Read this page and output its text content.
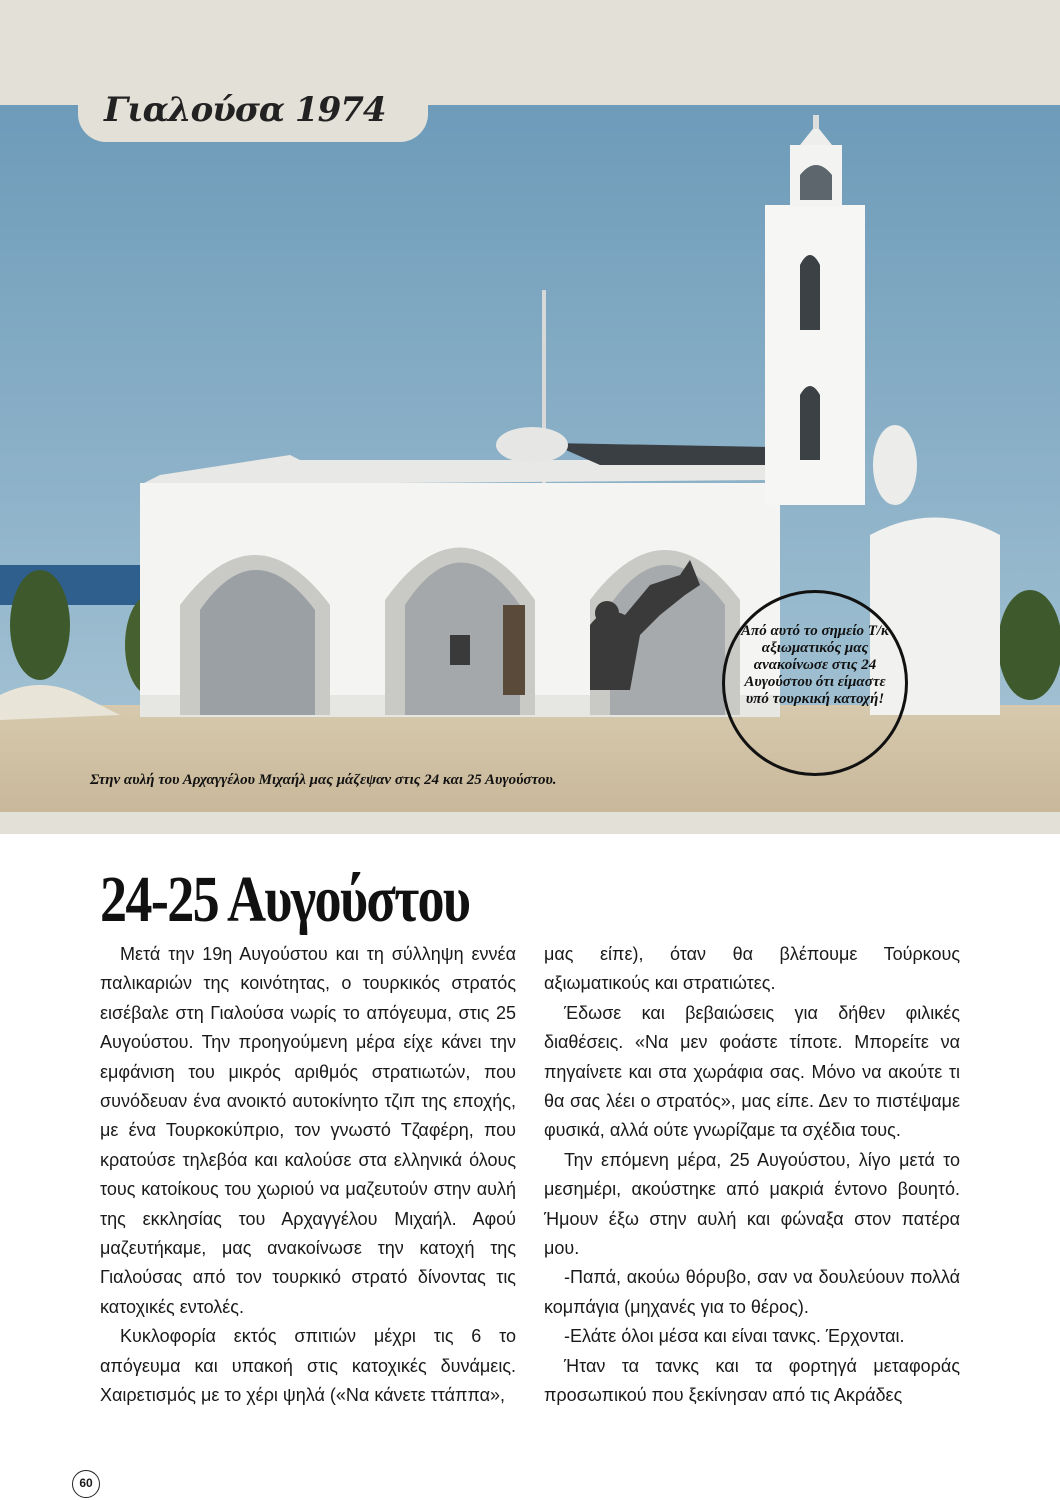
Γιαλούσα 1974
Στην αυλή του Αρχαγγέλου Μιχαήλ μας μάζεψαν στις 24 και 25 Αυγούστου.
Από αυτό το σημείο Τ/κ αξιωματικός μας ανακοίνωσε στις 24 Αυγούστου ότι είμαστε υπό τουρκική κατοχή!
24-25 Αυγούστου

Μετά την 19η Αυγούστου και τη σύλληψη εννέα παλικαριών της κοινότητας, ο τουρκικός στρατός εισέβαλε στη Γιαλούσα νωρίς το απόγευμα, στις 25 Αυγούστου. Την προηγούμενη μέρα είχε κάνει την εμφάνιση του μικρός αριθμός στρατιωτών, που συνόδευαν ένα ανοικτό αυτοκίνητο τζιπ της εποχής, με ένα Τουρκοκύπριο, τον γνωστό Τζαφέρη, που κρατούσε τηλεβόα και καλούσε στα ελληνικά όλους τους κατοίκους του χωριού να μαζευτούν στην αυλή της εκκλησίας του Αρχαγγέλου Μιχαήλ. Αφού μαζευτήκαμε, μας ανακοίνωσε την κατοχή της Γιαλούσας από τον τουρκικό στρατό δίνοντας τις κατοχικές εντολές.

Κυκλοφορία εκτός σπιτιών μέχρι τις 6 το απόγευμα και υπακοή στις κατοχικές δυνάμεις. Χαιρετισμός με το χέρι ψηλά («Να κάνετε ττάππα»,

μας είπε), όταν θα βλέπουμε Τούρκους αξιωματικούς και στρατιώτες.

Έδωσε και βεβαιώσεις για δήθεν φιλικές διαθέσεις. «Να μεν φοάστε τίποτε. Μπορείτε να πηγαίνετε και στα χωράφια σας. Μόνο να ακούτε τι θα σας λέει ο στρατός», μας είπε. Δεν το πιστέψαμε φυσικά, αλλά ούτε γνωρίζαμε τα σχέδια τους.

Την επόμενη μέρα, 25 Αυγούστου, λίγο μετά το μεσημέρι, ακούστηκε από μακριά έντονο βουητό. Ήμουν έξω στην αυλή και φώναξα στον πατέρα μου.

-Παπά, ακούω θόρυβο, σαν να δουλεύουν πολλά κομπάγια (μηχανές για το θέρος).

-Ελάτε όλοι μέσα και είναι τανκς. Έρχονται.

Ήταν τα τανκς και τα φορτηγά μεταφοράς προσωπικού που ξεκίνησαν από τις Ακράδες

60
